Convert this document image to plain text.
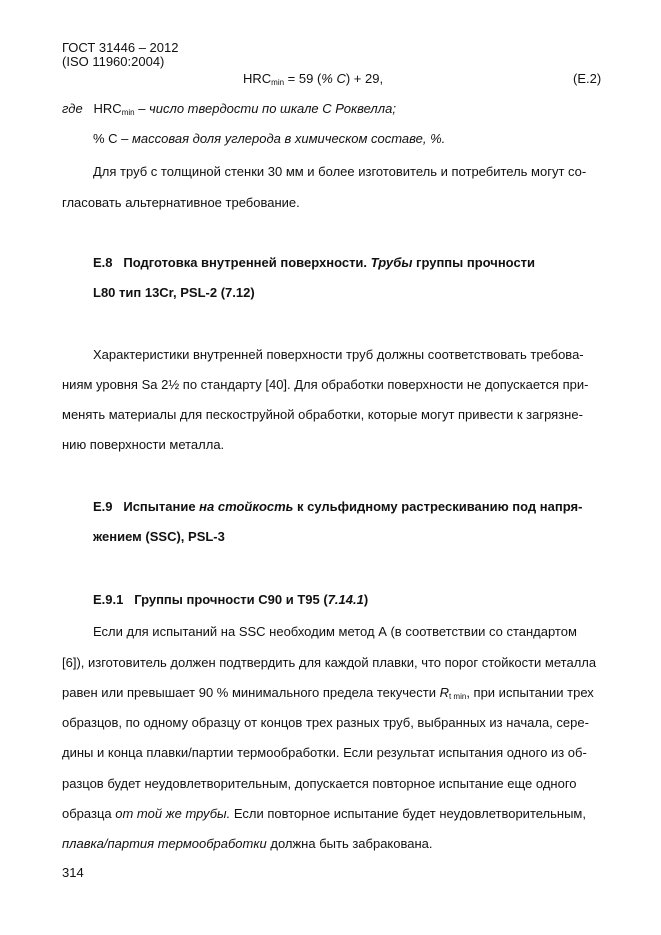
ГОСТ 31446 – 2012
(ISO 11960:2004)
$HRC_{min} = 59$ (% C) + 29,	(E.2)
где $HRC_{min}$ – число твердости по шкале С Роквелла;
% C – массовая доля углерода в химическом составе, %.
Для труб с толщиной стенки 30 мм и более изготовитель и потребитель могут со-
гласовать альтернативное требование.
E.8 Подготовка внутренней поверхности. Трубы группы прочности
L80 тип 13Cr, PSL-2 (7.12)
Характеристики внутренней поверхности труб должны соответствовать требова-
ниям уровня Sa 2½ по стандарту [40]. Для обработки поверхности не допускается при-
менять материалы для пескоструйной обработки, которые могут привести к загрязне-
нию поверхности металла.
E.9 Испытание на стойкость к сульфидному растрескиванию под напря-
жением (SSC), PSL-3
E.9.1 Группы прочности C90 и T95 (7.14.1)
Если для испытаний на SSC необходим метод А (в соответствии со стандартом
[6]), изготовитель должен подтвердить для каждой плавки, что порог стойкости металла
равен или превышает 90 % минимального предела текучести $R_{t min}$, при испытании трех
образцов, по одному образцу от концов трех разных труб, выбранных из начала, сере-
дины и конца плавки/партии термообработки. Если результат испытания одного из об-
разцов будет неудовлетворительным, допускается повторное испытание еще одного
образца от той же трубы. Если повторное испытание будет неудовлетворительным,
плавка/партия термообработки должна быть забракована.
314
